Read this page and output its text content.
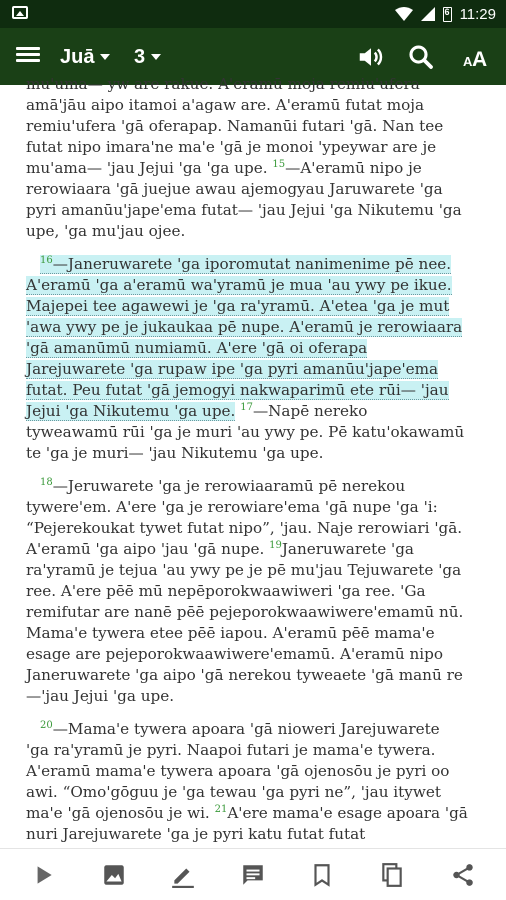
6 11:29
Juā 3	A A
mu'uma— yw are rakue. A'eramū moja remiu'ufera
amā'jāu aipo itamoi a'agaw are. A'eramū futat moja
remiu'ufera 'gā oferapap. Namanūi futari 'gā. Nan tee
futat nipo imara'ne ma'e 'gā je monoi 'ypeywar are je
mu'ama— 'jau Jejui 'ga 'ga upe. $^{15}$—A'eramū nipo je
rerowiaara 'gā juejue awau ajemogyau Jaruwarete 'ga
pyri amanūu'jape'ema futat— 'jau Jejui 'ga Nikutemu 'ga
upe, 'ga mu'jau ojee.
$^{16}$—Janeruwarete 'ga iporomutat nanimenime pē nee.
A'eramū 'ga a'eramū wa'yramū je mua 'au ywy pe ikue.
Majepei tee agawewi je 'ga ra'yramū. A'etea 'ga je mut
'awa ywy pe je jukaukaa pē nupe. A'eramū je rerowiaara
'gā amanūmū numiamū. A'ere 'gā oi oferapa
Jarejuwarete 'ga rupaw ipe 'ga pyri amanūu'jape'ema
futat. Peu futat 'gā jemogyi nakwaparimū ete rūi— 'jau
Jejui 'ga Nikutemu 'ga upe. $^{17}$—Napē nereko
tyweawamū rūi 'ga je muri 'au ywy pe. Pē katu'okawamū
te 'ga je muri— 'jau Nikutemu 'ga upe.
$^{18}$—Jeruwarete 'ga je rerowiaaramū pē nerekou
tywere'em. A'ere 'ga je rerowiare'ema 'gā nupe 'ga 'i:
“Pejerekoukat tywet futat nipo”, 'jau. Naje rerowiari 'gā.
A'eramū 'ga aipo 'jau 'gā nupe. $^{19}$Janeruwarete 'ga
ra'yramū je tejua 'au ywy pe je pē mu'jau Tejuwarete 'ga
ree. A'ere pēē mū nepēporokwaawiweri 'ga ree. 'Ga
remifutar are nanē pēē pejeporokwaawiwere'emamū nū.
Mama'e tywera etee pēē iapou. A'eramū pēē mama'e
esage are pejeporokwaawiwere'emamū. A'eramū nipo
Janeruwarete 'ga aipo 'gā nerekou tyweaete 'gā manū re
—'jau Jejui 'ga upe.
$^{20}$—Mama'e tywera apoara 'gā nioweri Jarejuwarete
'ga ra'yramū je pyri. Naapoi futari je mama'e tywera.
A'eramū mama'e tywera apoara 'gā ojenosōu je pyri oo
awi. “Omo'gōguu je 'ga tewau 'ga pyri ne”, 'jau itywet
ma'e 'gā ojenosōu je wi. $^{21}$A'ere mama'e esage apoara 'gā
nuri Jarejuwarete 'ga je pyri katu futat futat
